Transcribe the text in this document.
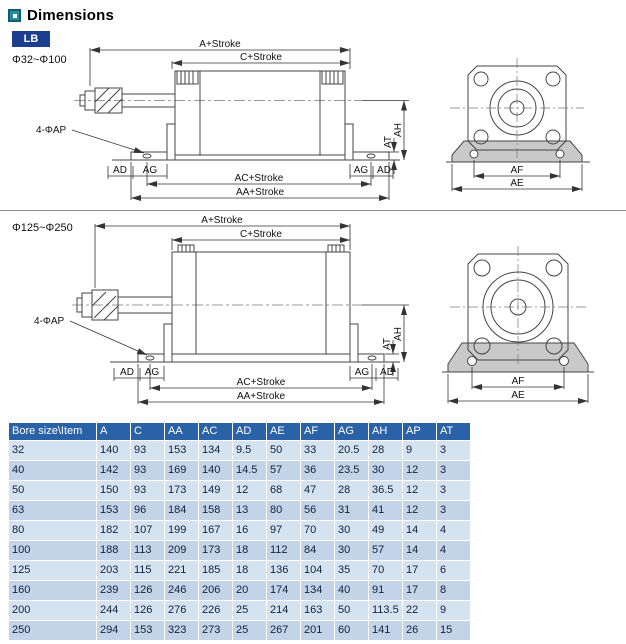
Dimensions
LB
Φ32~Φ100
Φ125~Φ250
A+Stroke
C+Stroke
4-ΦAP
AD AG	AG AD
AC+Stroke
AA+Stroke
AT
AH
AF
AE
A+Stroke
C+Stroke
4-ΦAP
AD AG	AG AD
AC+Stroke
AA+Stroke
AT
AH
AF
AE
Bore size\Item	A	C	AA	AC	AD	AE	AF	AG	AH	AP	AT
32	140	93	153	134	9.5	50	33	20.5	28	9	3
40	142	93	169	140	14.5	57	36	23.5	30	12	3
50	150	93	173	149	12	68	47	28	36.5	12	3
63	153	96	184	158	13	80	56	31	41	12	3
80	182	107	199	167	16	97	70	30	49	14	4
100	188	113	209	173	18	112	84	30	57	14	4
125	203	115	221	185	18	136	104	35	70	17	6
160	239	126	246	206	20	174	134	40	91	17	8
200	244	126	276	226	25	214	163	50	113.5	22	9
250	294	153	323	273	25	267	201	60	141	26	15
